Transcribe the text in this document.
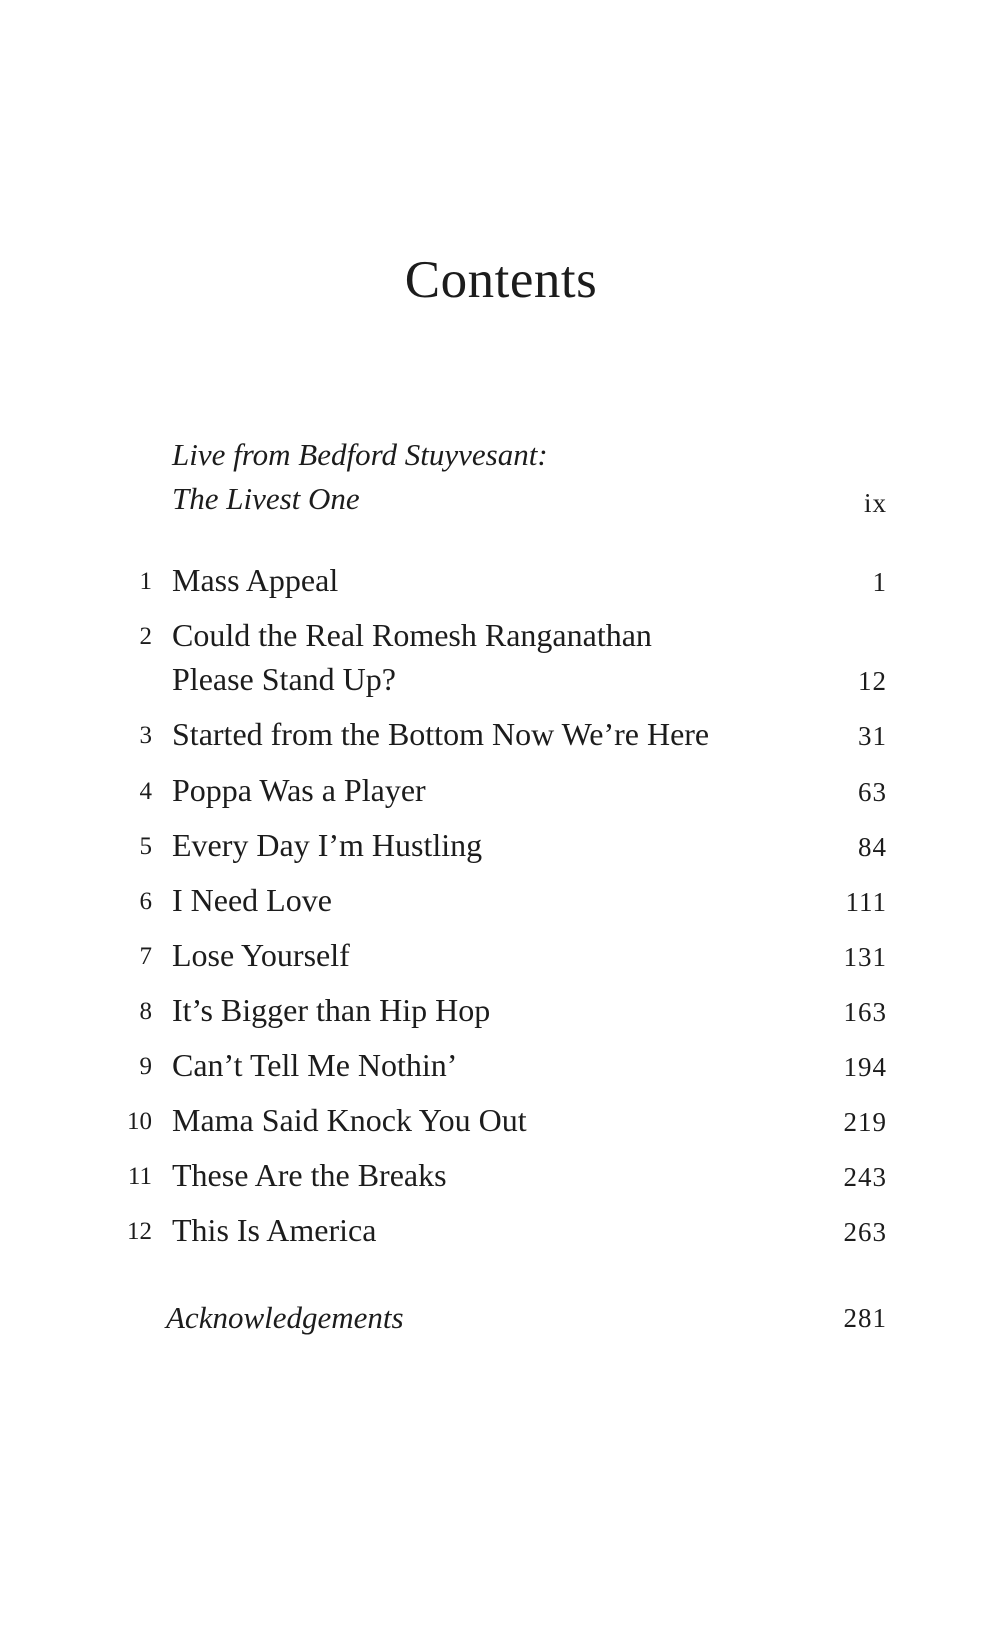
Contents
Live from Bedford Stuyvesant:
The Livest One	ix
1 Mass Appeal	1
2 Could the Real Romesh Ranganathan
Please Stand Up?	12
3 Started from the Bottom Now We’re Here	31
4 Poppa Was a Player	63
5 Every Day I’m Hustling	84
6 I Need Love	111
7 Lose Yourself	131
8 It’s Bigger than Hip Hop	163
9 Can’t Tell Me Nothin’	194
10 Mama Said Knock You Out	219
11 These Are the Breaks	243
12 This Is America	263
Acknowledgements	281
